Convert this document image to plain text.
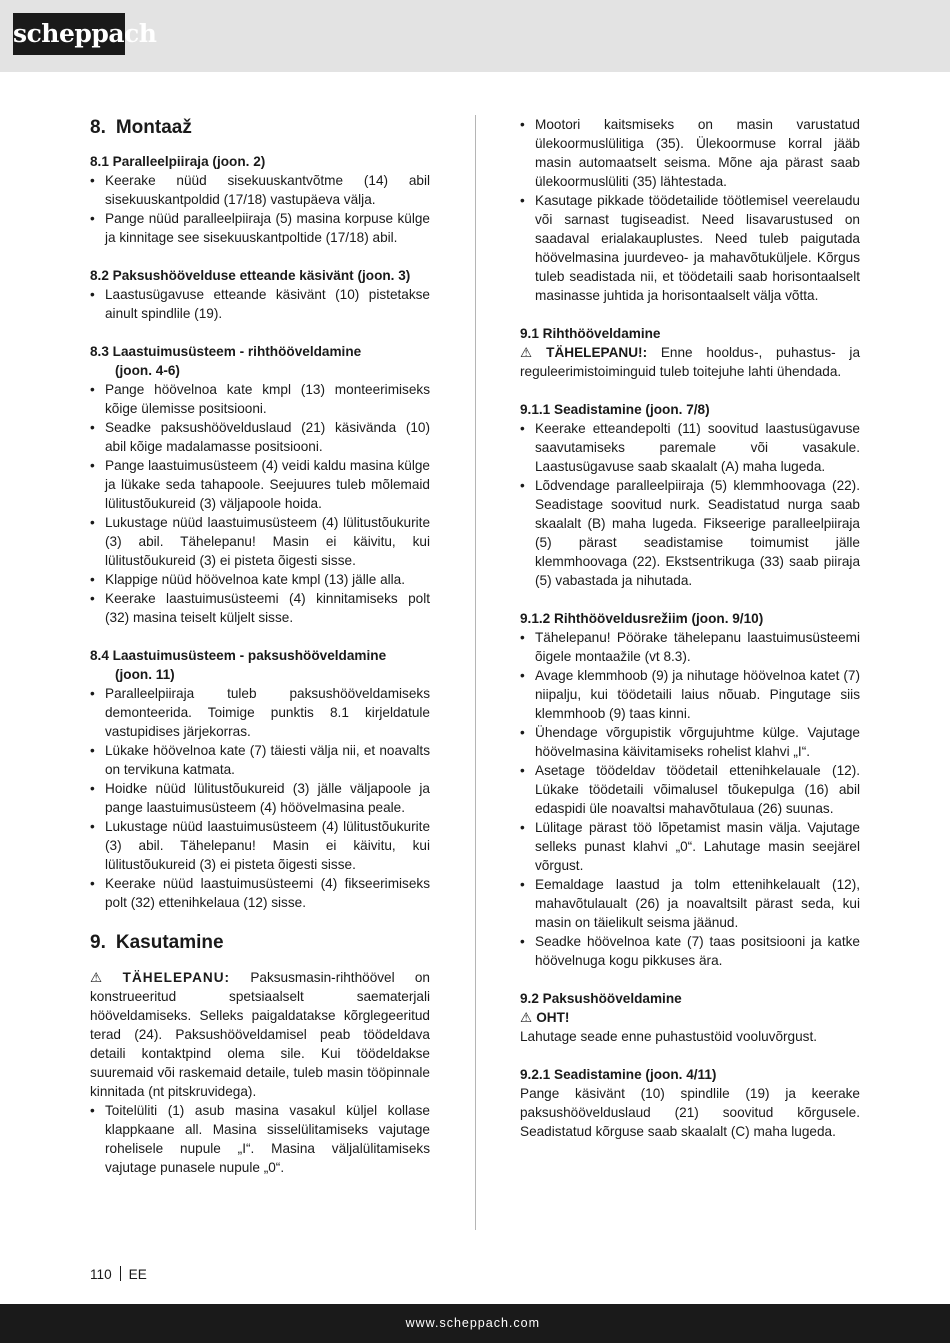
scheppach
8. Montaaž
8.1 Paralleelpiiraja (joon. 2)
• Keerake nüüd sisekuuskantvõtme (14) abil sisekuuskantpoldid (17/18) vastupäeva välja.
• Pange nüüd paralleelpiiraja (5) masina korpuse külge ja kinnitage see sisekuuskantpoltide (17/18) abil.
8.2 Paksushöövelduse etteande käsivänt (joon. 3)
• Laastusügavuse etteande käsivänt (10) pistetakse ainult spindlile (19).
8.3 Laastuimusüsteem - rihthööveldamine
(joon. 4-6)
• Pange höövelnoa kate kmpl (13) monteerimiseks kõige ülemisse positsiooni.
• Seadke paksushöövelduslaud (21) käsivända (10) abil kõige madalamasse positsiooni.
• Pange laastuimusüsteem (4) veidi kaldu masina külge ja lükake seda tahapoole. Seejuures tuleb mõlemaid lülitustõukureid (3) väljapoole hoida.
• Lukustage nüüd laastuimusüsteem (4) lülitustõukurite (3) abil. Tähelepanu! Masin ei käivitu, kui lülitustõukureid (3) ei pisteta õigesti sisse.
• Klappige nüüd höövelnoa kate kmpl (13) jälle alla.
• Keerake laastuimusüsteemi (4) kinnitamiseks polt (32) masina teiselt küljelt sisse.
8.4 Laastuimusüsteem - paksushööveldamine
(joon. 11)
• Paralleelpiiraja tuleb paksushööveldamiseks demonteerida. Toimige punktis 8.1 kirjeldatule vastupidises järjekorras.
• Lükake höövelnoa kate (7) täiesti välja nii, et noavalts on tervikuna katmata.
• Hoidke nüüd lülitustõukureid (3) jälle väljapoole ja pange laastuimusüsteem (4) höövelmasina peale.
• Lukustage nüüd laastuimusüsteem (4) lülitustõukurite (3) abil. Tähelepanu! Masin ei käivitu, kui lülitustõukureid (3) ei pisteta õigesti sisse.
• Keerake nüüd laastuimusüsteemi (4) fikseerimiseks polt (32) ettenihkelaua (12) sisse.
9. Kasutamine

⚠ TÄHELEPANU: Paksusmasin-rihthöövel on konstrueeritud spetsiaalselt saematerjali hööveldamiseks. Selleks paigaldatakse kõrglegeeritud terad (24). Paksushööveldamisel peab töödeldava detaili kontaktpind olema sile. Kui töödeldakse suuremaid või raskemaid detaile, tuleb masin tööpinnale kinnitada (nt pitskruvidega).

• Toitelüliti (1) asub masina vasakul küljel kollase klappkaane all. Masina sisselülitamiseks vajutage rohelisele nupule „I“. Masina väljalülitamiseks vajutage punasele nupule „0“.
• Mootori kaitsmiseks on masin varustatud ülekoormuslülitiga (35). Ülekoormuse korral jääb masin automaatselt seisma. Mõne aja pärast saab ülekoormuslüliti (35) lähtestada.
• Kasutage pikkade töödetailide töötlemisel veerelaudu või sarnast tugiseadist. Need lisavarustused on saadaval erialakauplustes. Need tuleb paigutada höövelmasina juurdeveo- ja mahavõtuküljele. Kõrgus tuleb seadistada nii, et töödetaili saab horisontaalselt masinasse juhtida ja horisontaalselt välja võtta.
9.1 Rihthööveldamine

⚠ TÄHELEPANU!: Enne hooldus-, puhastus- ja reguleerimistoiminguid tuleb toitejuhe lahti ühendada.

9.1.1 Seadistamine (joon. 7/8)
• Keerake etteandepolti (11) soovitud laastusügavuse saavutamiseks paremale või vasakule. Laastusügavuse saab skaalalt (A) maha lugeda.
• Lõdvendage paralleelpiiraja (5) klemmhoovaga (22). Seadistage soovitud nurk. Seadistatud nurga saab skaalalt (B) maha lugeda. Fikseerige paralleelpiiraja (5) pärast seadistamise toimumist jälle klemmhoovaga (22). Ekstsentrikuga (33) saab piiraja (5) vabastada ja nihutada.
9.1.2 Rihthööveldusrežiim (joon. 9/10)
• Tähelepanu! Pöörake tähelepanu laastuimusüsteemi õigele montaažile (vt 8.3).
• Avage klemmhoob (9) ja nihutage höövelnoa katet (7) niipalju, kui töödetaili laius nõuab. Pingutage siis klemmhoob (9) taas kinni.
• Ühendage võrgupistik võrgujuhtme külge. Vajutage höövelmasina käivitamiseks rohelist klahvi „I“.
• Asetage töödeldav töödetail ettenihkelauale (12). Lükake töödetaili võimalusel tõukepulga (16) abil edaspidi üle noavaltsi mahavõtulaua (26) suunas.
• Lülitage pärast töö lõpetamist masin välja. Vajutage selleks punast klahvi „0“. Lahutage masin seejärel võrgust.
• Eemaldage laastud ja tolm ettenihkelaualt (12), mahavõtulaualt (26) ja noavaltsilt pärast seda, kui masin on täielikult seisma jäänud.
• Seadke höövelnoa kate (7) taas positsiooni ja katke höövelnuga kogu pikkuses ära.
9.2 Paksushööveldamine
⚠ OHT!

Lahutage seade enne puhastustöid vooluvõrgust.

9.2.1 Seadistamine (joon. 4/11)

Pange käsivänt (10) spindlile (19) ja keerake paksushöövelduslaud (21) soovitud kõrgusele. Seadistatud kõrguse saab skaalalt (C) maha lugeda.

110 EE
www.scheppach.com
